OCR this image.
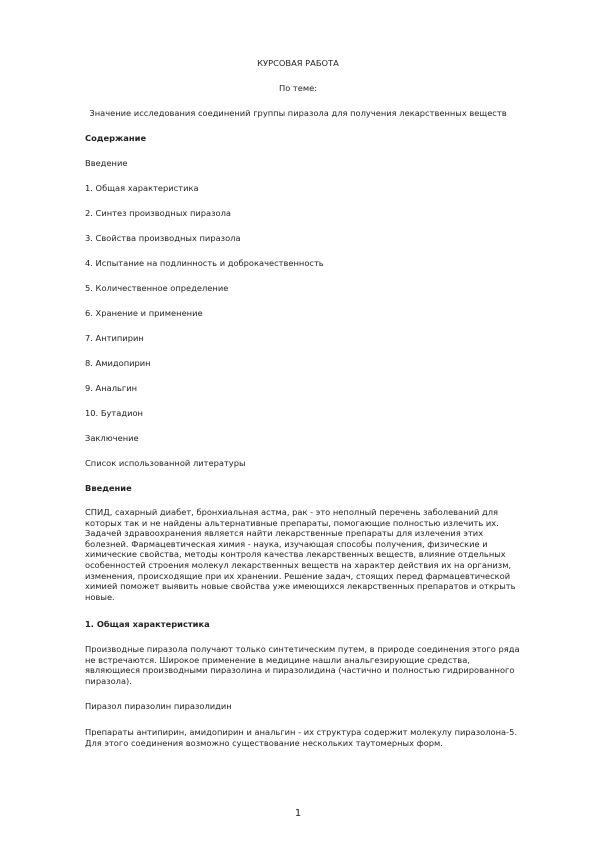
КУРСОВАЯ РАБОТА
По теме:
Значение исследования соединений группы пиразола для получения лекарственных веществ
Содержание
Введение
1. Общая характеристика
2. Синтез производных пиразола
3. Свойства производных пиразола
4. Испытание на подлинность и доброкачественность
5. Количественное определение
6. Хранение и применение
7. Антипирин
8. Амидопирин
9. Анальгин
10. Бутадион
Заключение
Список использованной литературы
Введение
СПИД, сахарный диабет, бронхиальная астма, рак - это неполный перечень заболеваний для
которых так и не найдены альтернативные препараты, помогающие полностью излечить их.
Задачей здравоохранения является найти лекарственные препараты для излечения этих
болезней. Фармацевтическая химия - наука, изучающая способы получения, физические и
химические свойства, методы контроля качества лекарственных веществ, влияние отдельных
особенностей строения молекул лекарственных веществ на характер действия их на организм,
изменения, происходящие при их хранении. Решение задач, стоящих перед фармацевтической
химией поможет выявить новые свойства уже имеющихся лекарственных препаратов и открыть
новые.
1. Общая характеристика
Производные пиразола получают только синтетическим путем, в природе соединения этого ряда
не встречаются. Широкое применение в медицине нашли анальгезирующие средства,
являющиеся производными пиразолина и пиразолидина (частично и полностью гидрированного
пиразола).
Пиразол пиразолин пиразолидин
Препараты антипирин, амидопирин и анальгин - их структура содержит молекулу пиразолона-5.
Для этого соединения возможно существование нескольких таутомерных форм.
1
